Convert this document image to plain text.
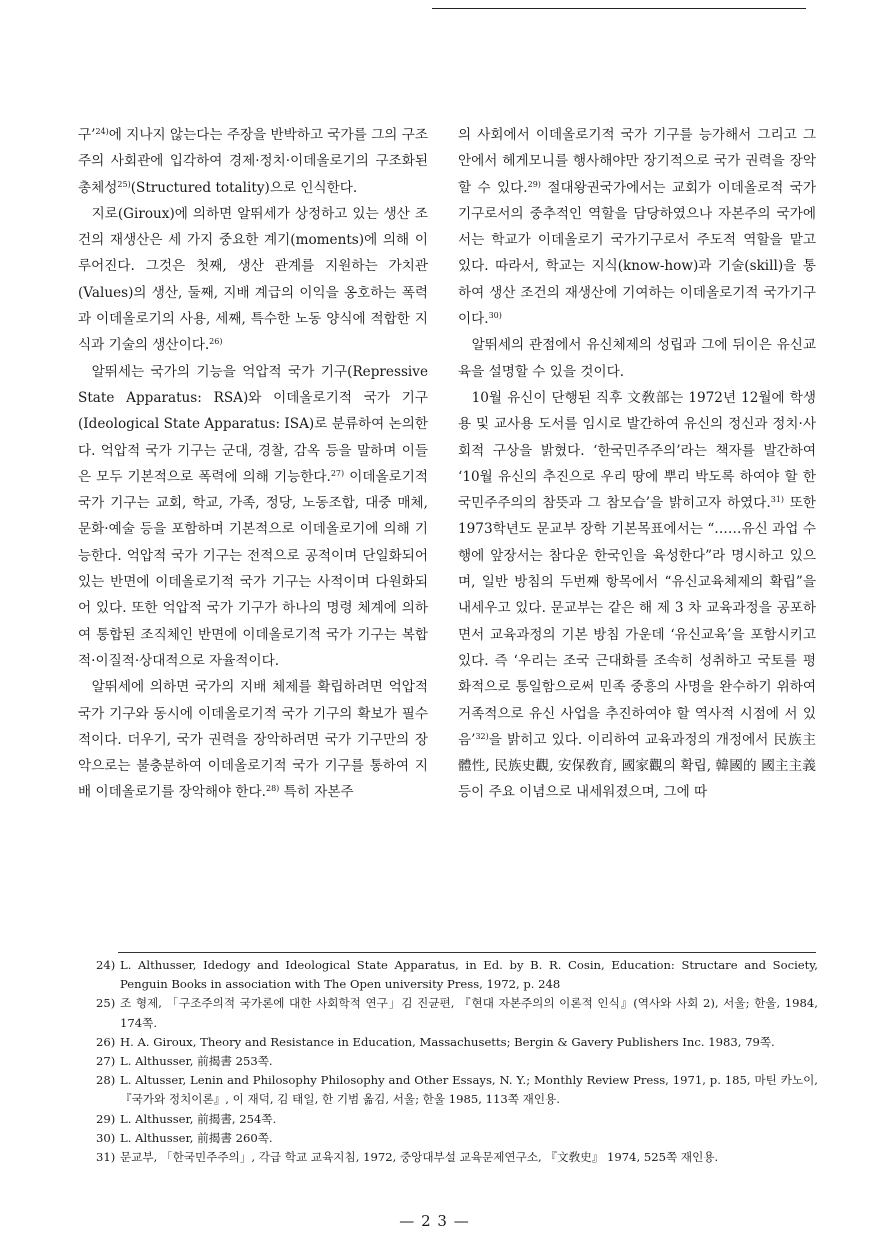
구’$^{24)}$에 지나지 않는다는 주장을 반박하고 국가를 그의 구조주의 사회관에 입각하여 경제·정치·이데올로기의 구조화된 총체성$^{25)}$(Structured totality)으로 인식한다.

지로(Giroux)에 의하면 알뛰세가 상정하고 있는 생산 조건의 재생산은 세 가지 중요한 계기(moments)에 의해 이루어진다. 그것은 첫째, 생산 관계를 지원하는 가치관(Values)의 생산, 둘째, 지배 계급의 이익을 옹호하는 폭력과 이데올로기의 사용, 세째, 특수한 노동 양식에 적합한 지식과 기술의 생산이다.$^{26)}$

알뛰세는 국가의 기능을 억압적 국가 기구(Repressive State Apparatus: RSA)와 이데올로기적 국가 기구(Ideological State Apparatus: ISA)로 분류하여 논의한다. 억압적 국가 기구는 군대, 경찰, 감옥 등을 말하며 이들은 모두 기본적으로 폭력에 의해 기능한다.$^{27)}$ 이데올로기적 국가 기구는 교회, 학교, 가족, 정당, 노동조합, 대중 매체, 문화·예술 등을 포함하며 기본적으로 이데올로기에 의해 기능한다. 억압적 국가 기구는 전적으로 공적이며 단일화되어 있는 반면에 이데올로기적 국가 기구는 사적이며 다원화되어 있다. 또한 억압적 국가 기구가 하나의 명령 체계에 의하여 통합된 조직체인 반면에 이데올로기적 국가 기구는 복합적·이질적·상대적으로 자율적이다.

알뛰세에 의하면 국가의 지배 체제를 확립하려면 억압적 국가 기구와 동시에 이데올로기적 국가 기구의 확보가 필수적이다. 더우기, 국가 권력을 장악하려면 국가 기구만의 장악으로는 불충분하여 이데올로기적 국가 기구를 통하여 지배 이데올로기를 장악해야 한다.$^{28)}$ 특히 자본주

의 사회에서 이데올로기적 국가 기구를 능가해서 그리고 그 안에서 헤게모니를 행사해야만 장기적으로 국가 권력을 장악할 수 있다.$^{29)}$ 절대왕권국가에서는 교회가 이데올로적 국가기구로서의 중추적인 역할을 담당하였으나 자본주의 국가에서는 학교가 이데올로기 국가기구로서 주도적 역할을 맡고 있다. 따라서, 학교는 지식(know-how)과 기술(skill)을 통하여 생산 조건의 재생산에 기여하는 이데올로기적 국가기구이다.$^{30)}$

알뛰세의 관점에서 유신체제의 성립과 그에 뒤이은 유신교육을 설명할 수 있을 것이다.

10월 유신이 단행된 직후 文敎部는 1972년 12월에 학생용 및 교사용 도서를 임시로 발간하여 유신의 정신과 정치·사회적 구상을 밝혔다. ‘한국민주주의’라는 책자를 발간하여 ‘10월 유신의 추진으로 우리 땅에 뿌리 박도록 하여야 할 한국민주주의의 참뜻과 그 참모습’을 밝히고자 하였다.$^{31)}$ 또한 1973학년도 문교부 장학 기본목표에서는 “……유신 과업 수행에 앞장서는 참다운 한국인을 육성한다”라 명시하고 있으며, 일반 방침의 두번째 항목에서 “유신교육체제의 확립”을 내세우고 있다. 문교부는 같은 해 제 3 차 교육과정을 공포하면서 교육과정의 기본 방침 가운데 ‘유신교육’을 포함시키고 있다. 즉 ‘우리는 조국 근대화를 조속히 성취하고 국토를 평화적으로 통일함으로써 민족 중흥의 사명을 완수하기 위하여 거족적으로 유신 사업을 추진하여야 할 역사적 시점에 서 있음’$^{32)}$을 밝히고 있다. 이리하여 교육과정의 개정에서 民族主體性, 民族史觀, 安保敎育, 國家觀의 확립, 韓國的 國主主義 등이 주요 이념으로 내세워졌으며, 그에 따

24) L. Althusser, Idedogy and Ideological State Apparatus, in Ed. by B. R. Cosin, Education: Structare and Society, Penguin Books in association with The Open university Press, 1972, p. 248
25) 조 형제, 「구조주의적 국가론에 대한 사회학적 연구」김 진균편, 『현대 자본주의의 이론적 인식』(역사와 사회 2), 서울; 한울, 1984, 174쪽.
26) H. A. Giroux, Theory and Resistance in Education, Massachusetts; Bergin & Gavery Publishers Inc. 1983, 79쪽.
27) L. Althusser, 前揭書 253쪽.
28) L. Altusser, Lenin and Philosophy Philosophy and Other Essays, N. Y.; Monthly Review Press, 1971, p. 185, 마틴 카노이, 『국가와 정치이론』, 이 재덕, 김 태일, 한 기범 옮김, 서울; 한울 1985, 113쪽 재인용.
29) L. Althusser, 前揭書, 254쪽.
30) L. Althusser, 前揭書 260쪽.
31) 문교부, 「한국민주주의」, 각급 학교 교육지침, 1972, 중앙대부설 교육문제연구소, 『文敎史』 1974, 525쪽 재인용.
— 2 3 —
